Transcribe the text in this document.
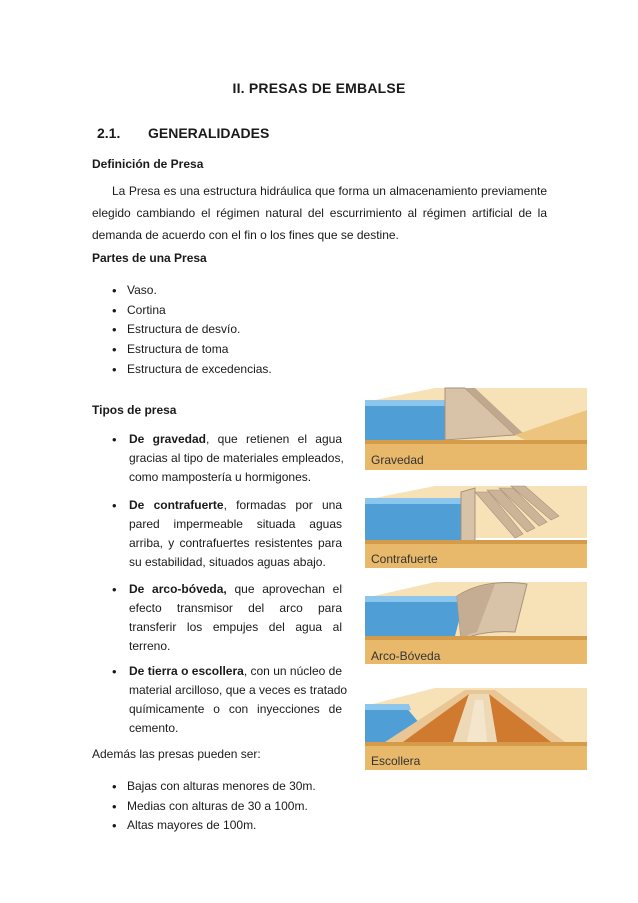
II. PRESAS DE EMBALSE
2.1. GENERALIDADES
Definición de Presa
La Presa es una estructura hidráulica que forma un almacenamiento previamente
elegido cambiando el régimen natural del escurrimiento al régimen artificial de la
demanda de acuerdo con el fin o los fines que se destine.
Partes de una Presa
• Vaso.
• Cortina
• Estructura de desvío.
• Estructura de toma
• Estructura de excedencias.
Tipos de presa
• De gravedad, que retienen el agua
gracias al tipo de materiales empleados,
como mampostería u hormigones.
• De contrafuerte, formadas por una
pared impermeable situada aguas
arriba, y contrafuertes resistentes para
su estabilidad, situados aguas abajo.
• De arco-bóveda, que aprovechan el
efecto transmisor del arco para
transferir los empujes del agua al
terreno.
• De tierra o escollera, con un núcleo de
material arcilloso, que a veces es tratado
químicamente o con inyecciones de
cemento.
Gravedad
Contrafuerte
Arco-Bóveda
Escollera
Además las presas pueden ser:
• Bajas con alturas menores de 30m.
• Medias con alturas de 30 a 100m.
• Altas mayores de 100m.
